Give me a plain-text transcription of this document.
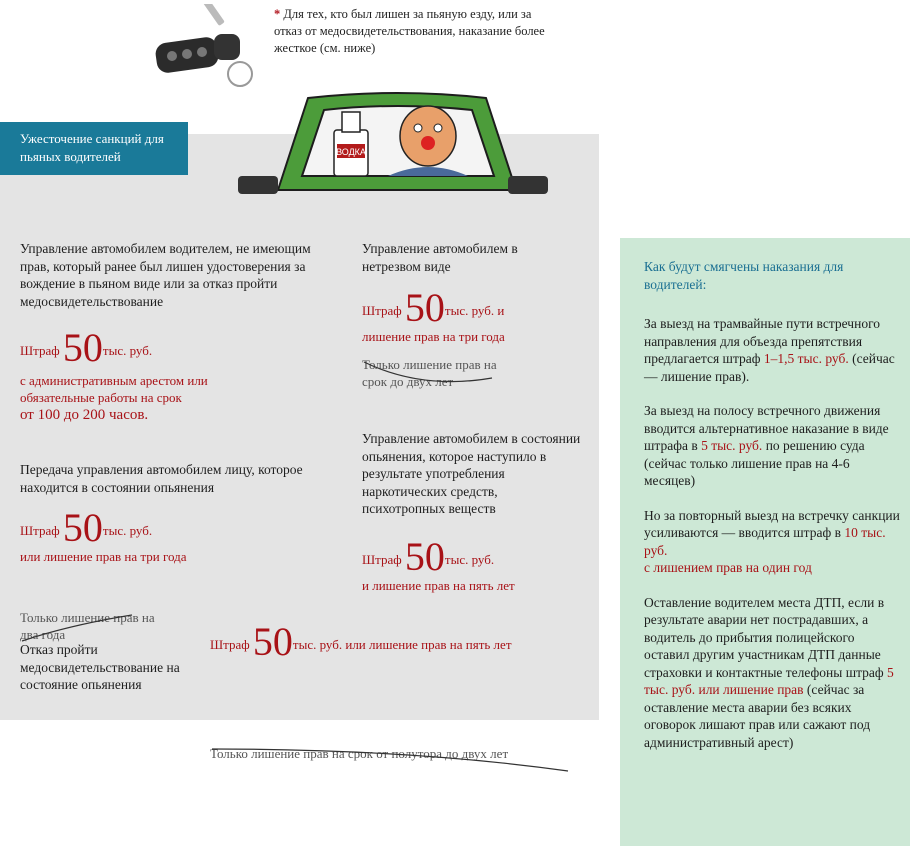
* Для тех, кто был лишен за пьяную езду, или за отказ от медосвидетельствования, наказание более жесткое (см. ниже)
ВОДКА
Ужесточение санкций для пьяных водителей
Управление автомобилем водителем, не имеющим прав, который ранее был лишен удостоверения за вождение в пьяном виде или за отказ пройти медосвидетельствование
Штраф 50тыс. руб.
с административным арестом или обязательные работы на срок
от 100 до 200 часов.
Управление автомобилем в нетрезвом виде
Штраф 50тыс. руб. и
лишение прав на три года
Только лишение прав на срок до двух лет
Передача управления автомобилем лицу, которое находится в состоянии опьянения
Штраф 50тыс. руб.
или лишение прав на три года
Только лишение прав на два года
Управление автомобилем в состоянии опьянения, которое наступило в результате употребления наркотических средств, психотропных веществ
Штраф 50тыс. руб.
и лишение прав на пять лет
Отказ пройти медосвидетельствование на состояние опьянения
Штраф 50тыс. руб. или лишение прав на пять лет
Только лишение прав на срок от полутора до двух лет
Как будут смягчены наказания для водителей:
За выезд на трамвайные пути встречного направления для объезда препятствия предлагается штраф 1–1,5 тыс. руб. (сейчас — лишение прав).
За выезд на полосу встречного движения вводится альтернативное наказание в виде штрафа в 5 тыс. руб. по решению суда (сейчас только лишение прав на 4-6 месяцев)
Но за повторный выезд на встречку санкции усиливаются — вводится штраф в 10 тыс. руб.
с лишением прав на один год
Оставление водителем места ДТП, если в результате аварии нет пострадавших, а водитель до прибытия полицейского оставил другим участникам ДТП данные страховки и контактные телефоны штраф 5 тыс. руб. или лишение прав (сейчас за оставление места аварии без всяких оговорок лишают прав или сажают под административный арест)
